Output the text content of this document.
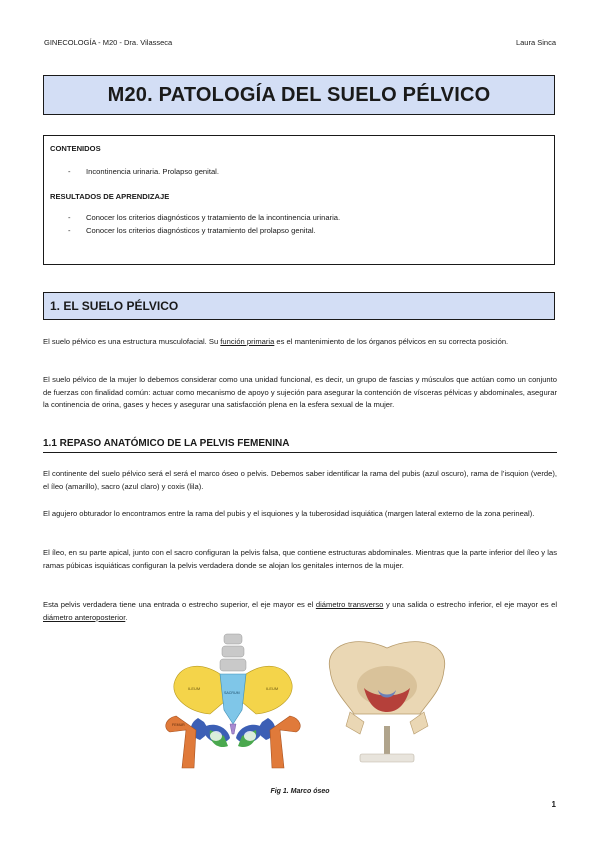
GINECOLOGÍA - M20 - Dra. Vilasseca	Laura Sinca
M20. PATOLOGÍA DEL SUELO PÉLVICO

CONTENIDOS

- Incontinencia urinaria. Prolapso genital.

RESULTADOS DE APRENDIZAJE

- Conocer los criterios diagnósticos y tratamiento de la incontinencia urinaria.
- Conocer los criterios diagnósticos y tratamiento del prolapso genital.
1. EL SUELO PÉLVICO

El suelo pélvico es una estructura musculofacial. Su función primaria es el mantenimiento de los órganos pélvicos en su correcta posición.

El suelo pélvico de la mujer lo debemos considerar como una unidad funcional, es decir, un grupo de fascias y músculos que actúan como un conjunto de fuerzas con finalidad común: actuar como mecanismo de apoyo y sujeción para asegurar la contención de vísceras pélvicas y abdominales, asegurar la continencia de orina, gases y heces y asegurar una satisfacción plena en la esfera sexual de la mujer.

1.1 REPASO ANATÓMICO DE LA PELVIS FEMENINA

El continente del suelo pélvico será el será el marco óseo o pelvis. Debemos saber identificar la rama del pubis (azul oscuro), rama de l’isquion (verde), el íleo (amarillo), sacro (azul claro) y coxis (lila).

El agujero obturador lo encontramos entre la rama del pubis y el isquiones y la tuberosidad isquiática (margen lateral externo de la zona perineal).

El íleo, en su parte apical, junto con el sacro configuran la pelvis falsa, que contiene estructuras abdominales. Mientras que la parte inferior del íleo y las ramas púbicas isquiáticas configuran la pelvis verdadera donde se alojan los genitales internos de la mujer.

Esta pelvis verdadera tiene una entrada o estrecho superior, el eje mayor es el diámetro transverso y una salida o estrecho inferior, el eje mayor es el diámetro anteroposterior.

ILEUM	ILEUM
SACRUM
FEMUR
Fig 1. Marco óseo
1
